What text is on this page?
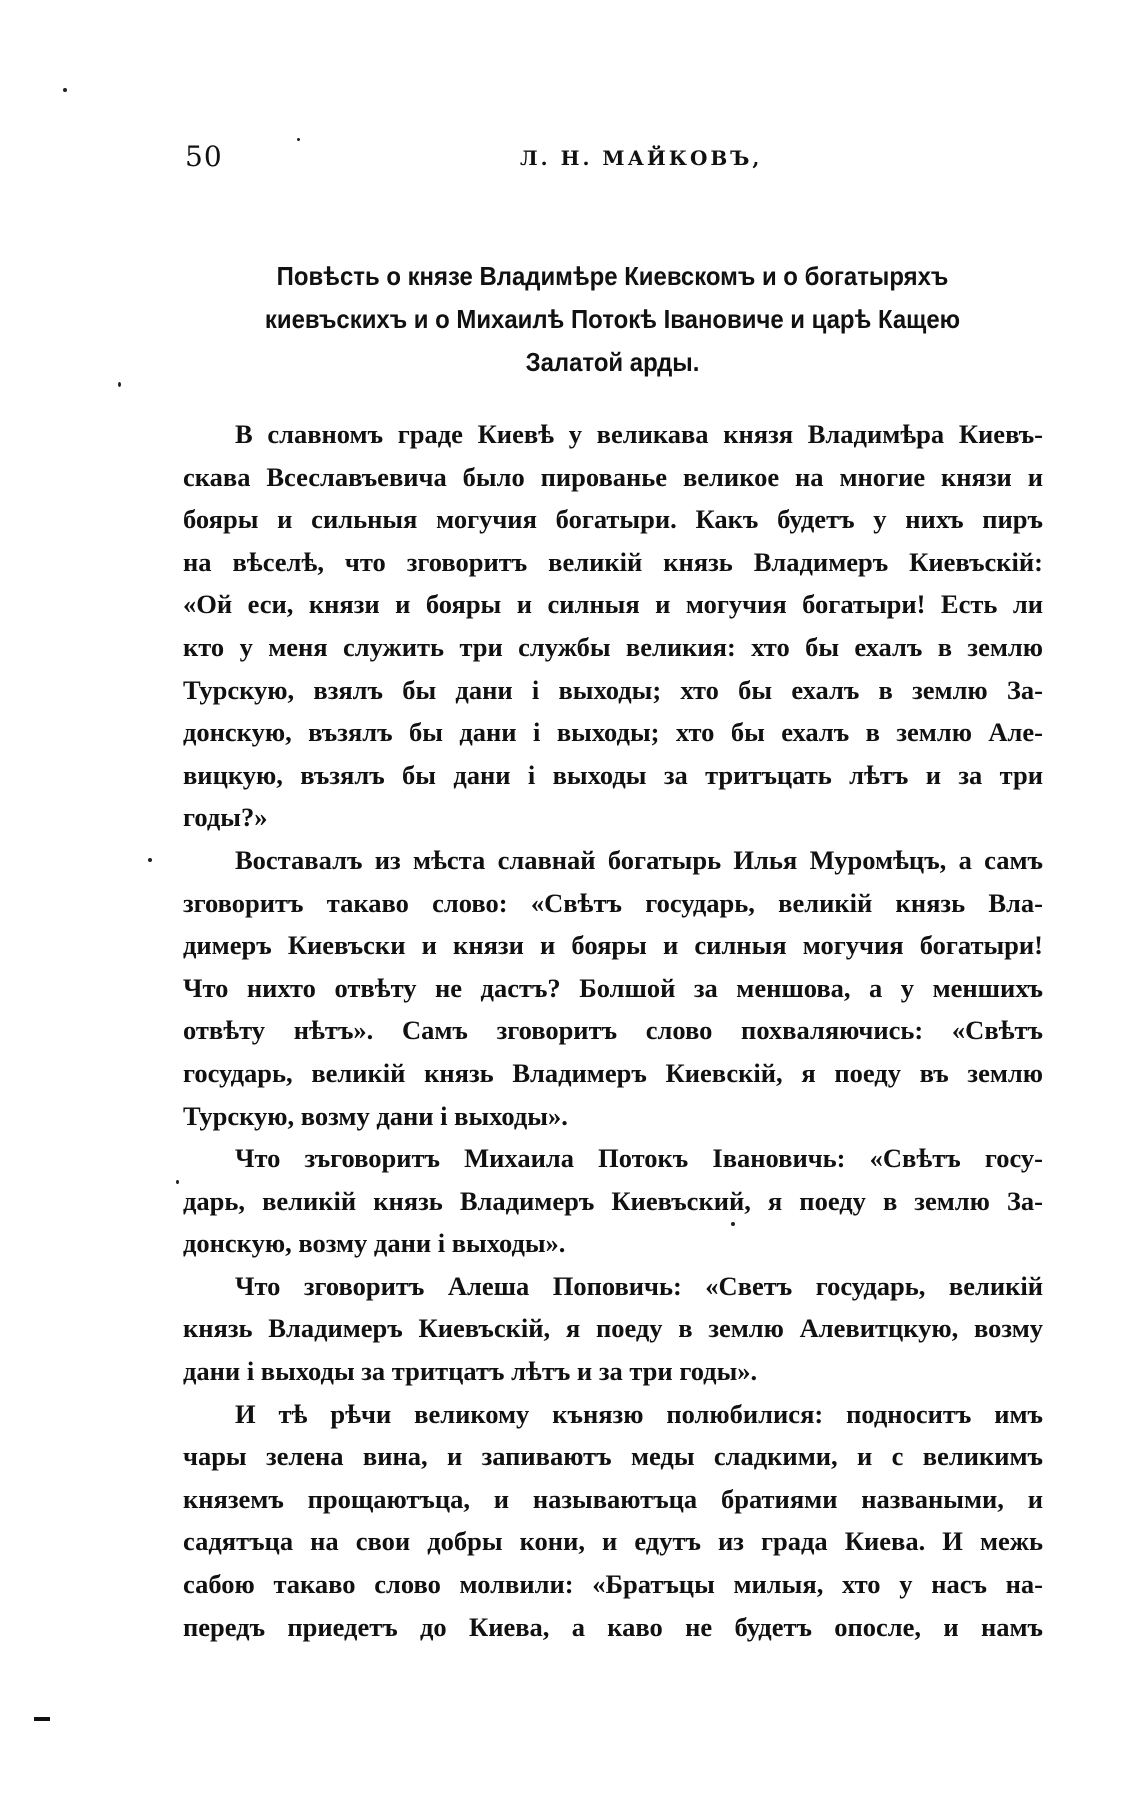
50	Л. Н. МАЙКОВЪ,
Повѣсть о князе Владимѣре Киевскомъ и о богатыряхъ
киевъскихъ и о Михаилѣ Потокѣ Івановиче и царѣ Кащею
Залатой арды.
В славномъ граде Киевѣ у великава князя Владимѣра Киевъ-
скава Всеславъевича было пированье великое на многие князи и
бояры и сильныя могучия богатыри. Какъ будетъ у нихъ пиръ
на вѣселѣ, что зговоритъ великій князь Владимеръ Киевъскій:
«Ой еси, князи и бояры и силныя и могучия богатыри! Есть ли
кто у меня служить три службы великия: хто бы ехалъ в землю
Турскую, взялъ бы дани і выходы; хто бы ехалъ в землю За-
донскую, възялъ бы дани і выходы; хто бы ехалъ в землю Але-
вицкую, възялъ бы дани і выходы за тритъцать лѣтъ и за три
годы?»
Воставалъ из мѣста славнай богатырь Илья Муромѣцъ, а самъ
зговоритъ такаво слово: «Свѣтъ государь, великій князь Вла-
димеръ Киевъски и князи и бояры и силныя могучия богатыри!
Что нихто отвѣту не дастъ? Болшой за меншова, а у меншихъ
отвѣту нѣтъ». Самъ зговоритъ слово похваляючись: «Свѣтъ
государь, великій князь Владимеръ Киевскій, я поеду въ землю
Турскую, возму дани і выходы».
Что зъговоритъ Михаила Потокъ Івановичь: «Свѣтъ госу-
дарь, великій князь Владимеръ Киевъский, я поеду в землю За-
донскую, возму дани і выходы».
Что зговоритъ Алеша Поповичь: «Светъ государь, великій
князь Владимеръ Киевъскій, я поеду в землю Алевитцкую, возму
дани і выходы за тритцатъ лѣтъ и за три годы».
И тѣ рѣчи великому кънязю полюбилися: подноситъ имъ
чары зелена вина, и запиваютъ меды сладкими, и с великимъ
княземъ прощаютъца, и называютъца братиями назваными, и
садятъца на свои добры кони, и едутъ из града Киева. И межь
сабою такаво слово молвили: «Братъцы милыя, хто у насъ на-
передъ приедетъ до Киева, а каво не будетъ опосле, и намъ
